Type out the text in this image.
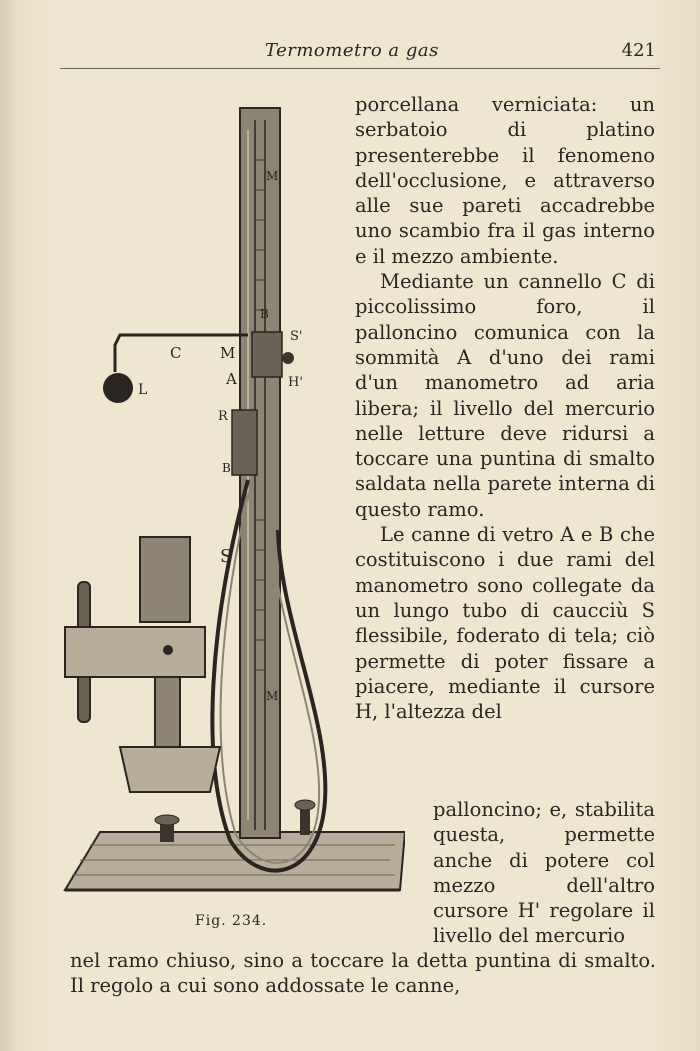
Termometro a gas	421
C	M
A
L
R
B
S
S'
H'
M
B
M
Fig. 234.

porcellana verniciata: un serbatoio di platino presenterebbe il fenomeno dell'occlusione, e attraverso alle sue pareti accadrebbe uno scambio fra il gas interno e il mezzo ambiente.

Mediante un cannello C di piccolissimo foro, il palloncino comunica con la sommità A d'uno dei rami d'un manometro ad aria libera; il livello del mercurio nelle letture deve ridursi a toccare una puntina di smalto saldata nella parete interna di questo ramo.

Le canne di vetro A e B che costituiscono i due rami del manometro sono collegate da un lungo tubo di caucciù S flessibile, foderato di tela; ciò permette di poter fissare a piacere, mediante il cursore H, l'altezza del

palloncino; e, stabilita questa, permette anche di potere col mezzo dell'altro cursore H' regolare il livello del mercurio
nel ramo chiuso, sino a toccare la detta puntina di smalto. Il regolo a cui sono addossate le canne,
